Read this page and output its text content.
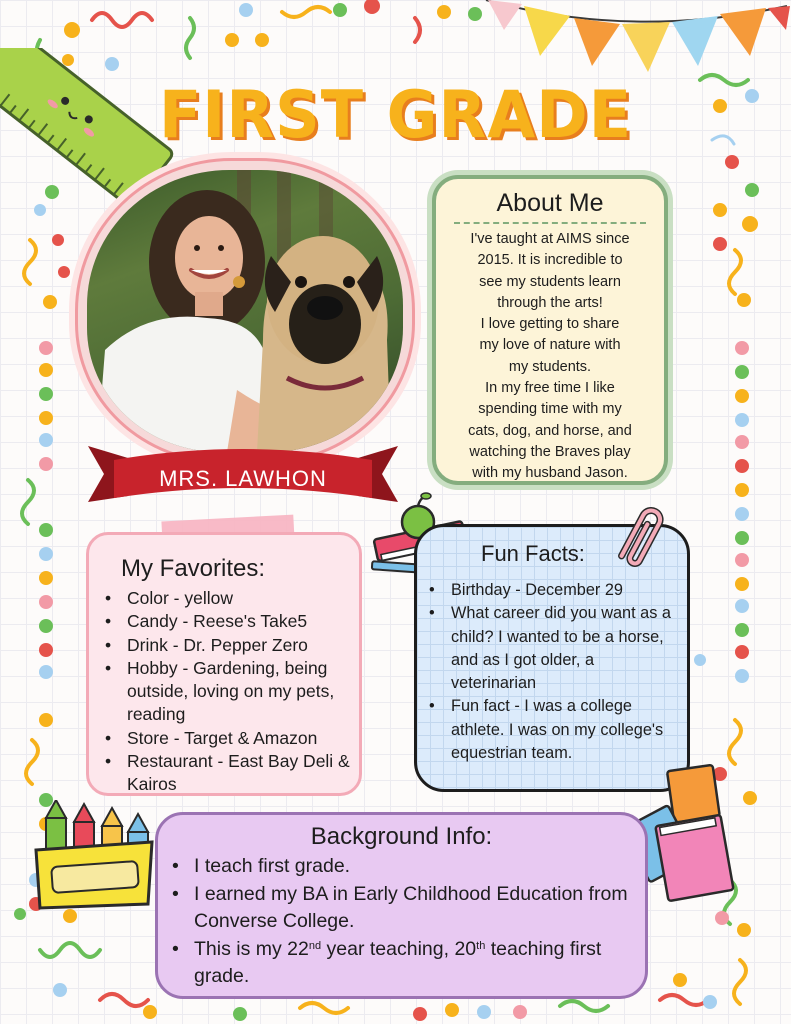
FIRST GRADE
MRS. LAWHON
About Me

I've taught at AIMS since

2015. It is incredible to

see my students learn

through the arts!

I love getting to share

my love of nature with

my students.

In my free time I like

spending time with my

cats, dog, and horse, and

watching the Braves play

with my husband Jason.

My Favorites:
• Color - yellow
• Candy - Reese's Take5
• Drink - Dr. Pepper Zero
• Hobby - Gardening, being outside, loving on my pets, reading
• Store - Target & Amazon
• Restaurant - East Bay Deli & Kairos
Fun Facts:
• Birthday - December 29
• What career did you want as a child? I wanted to be a horse, and as I got older, a veterinarian
• Fun fact - I was a college athlete. I was on my college's equestrian team.
Background Info:
• I teach first grade.
• I earned my BA in Early Childhood Education from Converse College.
• This is my 22nd year teaching, 20th teaching first grade.
